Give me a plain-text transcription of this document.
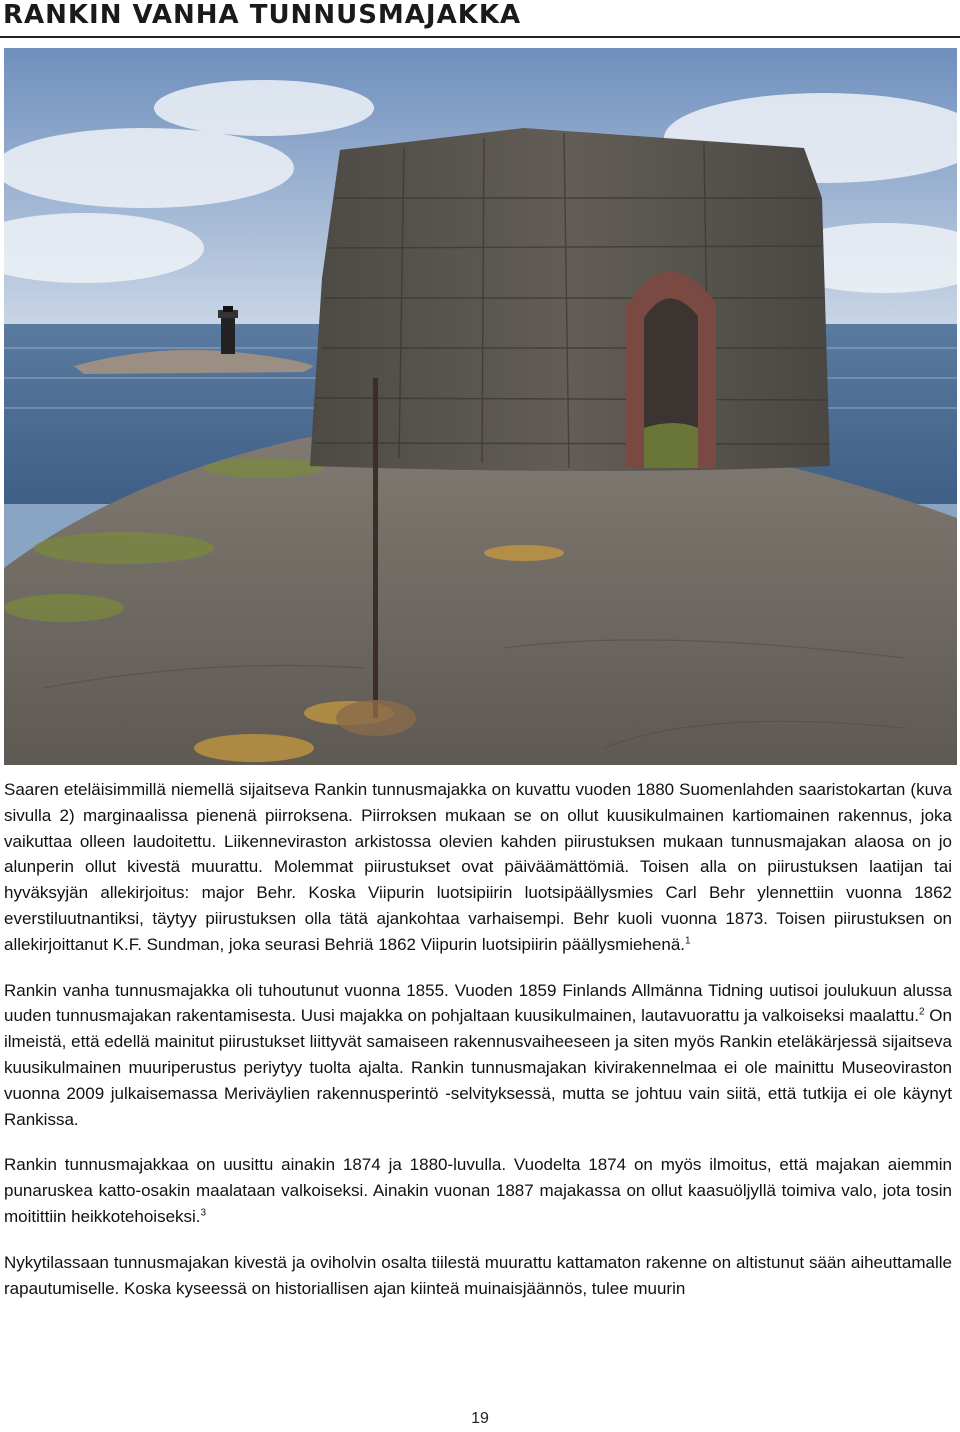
RANKIN VANHA TUNNUSMAJAKKA

Saaren eteläisimmillä niemellä sijaitseva Rankin tunnusmajakka on kuvattu vuoden 1880 Suomenlahden saaristokartan (kuva sivulla 2) marginaalissa pienenä piirroksena. Piirroksen mukaan se on ollut kuusikulmainen kartiomainen rakennus, joka vaikuttaa olleen laudoitettu. Liikenneviraston arkistossa olevien kahden piirustuksen mukaan tunnusmajakan alaosa on jo alunperin ollut kivestä muurattu. Molemmat piirustukset ovat päiväämättömiä. Toisen alla on piirustuksen laatijan tai hyväksyjän allekirjoitus: major Behr. Koska Viipurin luotsipiirin luotsipäällysmies Carl Behr ylennettiin vuonna 1862 everstiluutnantiksi, täytyy piirustuksen olla tätä ajankohtaa varhaisempi. Behr kuoli vuonna 1873. Toisen piirustuksen on allekirjoittanut K.F. Sundman, joka seurasi Behriä 1862 Viipurin luotsipiirin päällysmiehenä.$^1$

Rankin vanha tunnusmajakka oli tuhoutunut vuonna 1855. Vuoden 1859 Finlands Allmänna Tidning uutisoi joulukuun alussa uuden tunnusmajakan rakentamisesta. Uusi majakka on pohjaltaan kuusikulmainen, lautavuorattu ja valkoiseksi maalattu.$^2$ On ilmeistä, että edellä mainitut piirustukset liittyvät samaiseen rakennusvaiheeseen ja siten myös Rankin eteläkärjessä sijaitseva kuusikulmainen muuriperustus periytyy tuolta ajalta. Rankin tunnusmajakan kivirakennelmaa ei ole mainittu Museoviraston vuonna 2009 julkaisemassa Meriväylien rakennusperintö -selvityksessä, mutta se johtuu vain siitä, että tutkija ei ole käynyt Rankissa.

Rankin tunnusmajakkaa on uusittu ainakin 1874 ja 1880-luvulla. Vuodelta 1874 on myös ilmoitus, että majakan aiemmin punaruskea katto-osakin maalataan valkoiseksi. Ainakin vuonan 1887 majakassa on ollut kaasuöljyllä toimiva valo, jota tosin moitittiin heikkotehoiseksi.$^3$

Nykytilassaan tunnusmajakan kivestä ja oviholvin osalta tiilestä muurattu kattamaton rakenne on altistunut sään aiheuttamalle rapautumiselle. Koska kyseessä on historiallisen ajan kiinteä muinaisjäännös, tulee muurin

19
